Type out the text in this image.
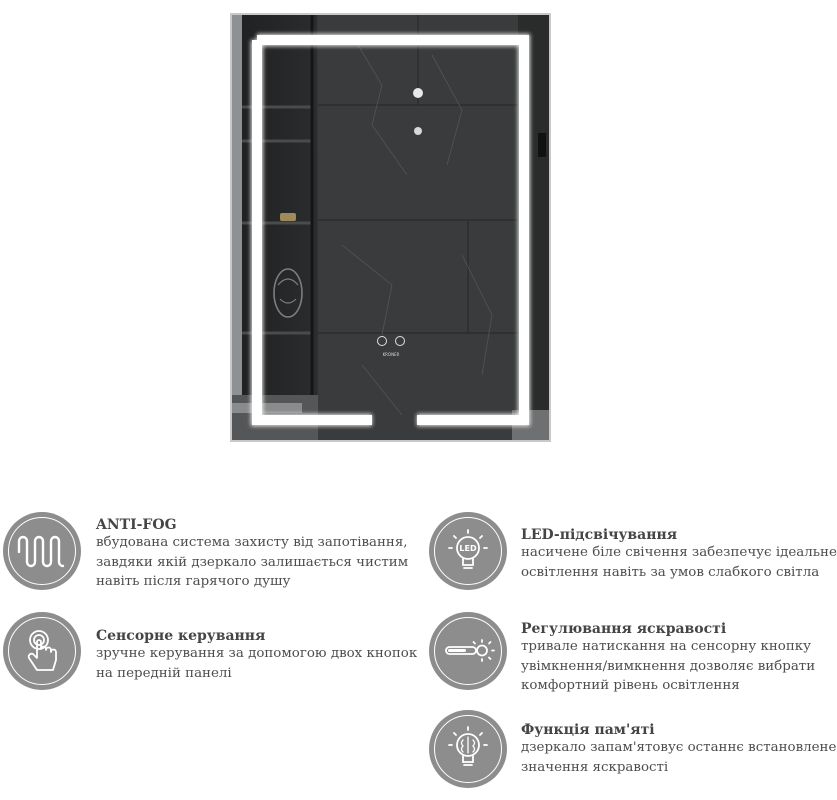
KRONER
ANTI-FOG
вбудована система захисту від запотівання,
завдяки якій дзеркало залишається чистим
навіть після гарячого душу
LED
LED-підсвічування
насичене біле свічення забезпечує ідеальне
освітлення навіть за умов слабкого світла
Сенсорне керування
зручне керування за допомогою двох кнопок
на передній панелі
Регулювання яскравості
тривале натискання на сенсорну кнопку
увімкнення/вимкнення дозволяє вибрати
комфортний рівень освітлення
Функція пам'яті
дзеркало запам'ятовує останнє встановлене
значення яскравості
